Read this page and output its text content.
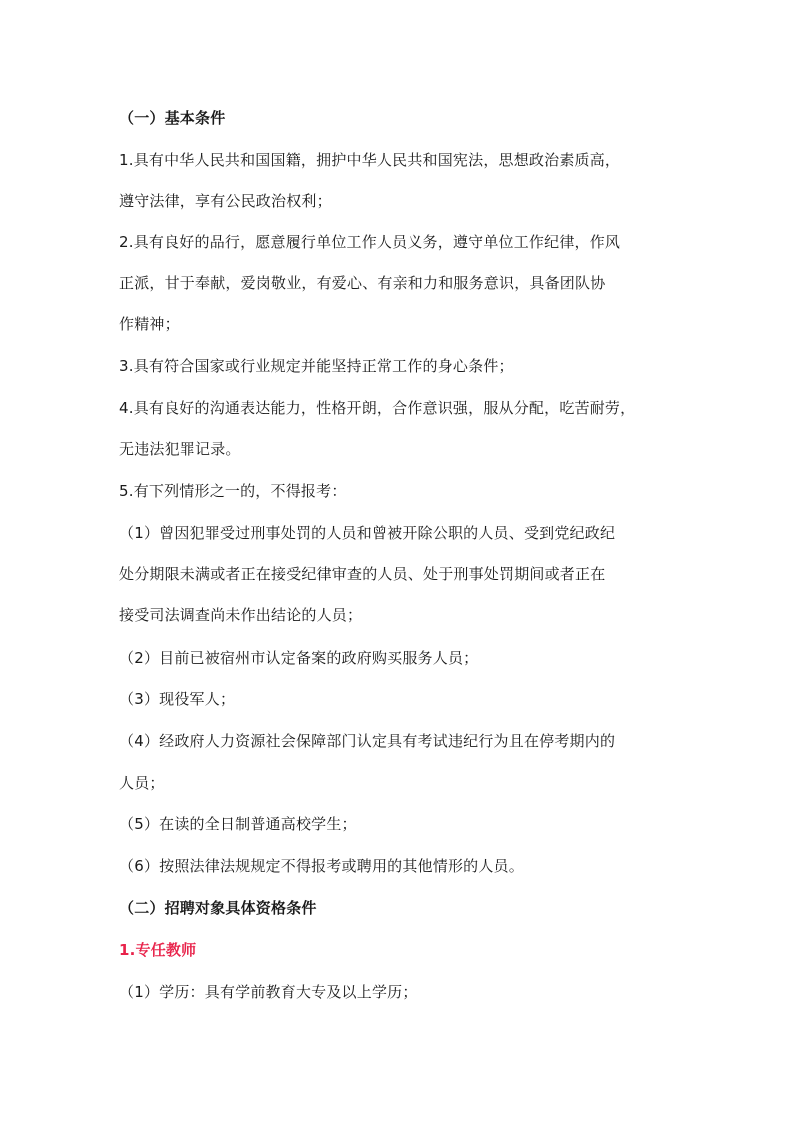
（一）基本条件
1.具有中华人民共和国国籍，拥护中华人民共和国宪法，思想政治素质高，
遵守法律，享有公民政治权利；
2.具有良好的品行，愿意履行单位工作人员义务，遵守单位工作纪律，作风
正派，甘于奉献，爱岗敬业，有爱心、有亲和力和服务意识，具备团队协
作精神；
3.具有符合国家或行业规定并能坚持正常工作的身心条件；
4.具有良好的沟通表达能力，性格开朗，合作意识强，服从分配，吃苦耐劳，
无违法犯罪记录。
5.有下列情形之一的，不得报考：
（1）曾因犯罪受过刑事处罚的人员和曾被开除公职的人员、受到党纪政纪
处分期限未满或者正在接受纪律审查的人员、处于刑事处罚期间或者正在
接受司法调查尚未作出结论的人员；
（2）目前已被宿州市认定备案的政府购买服务人员；
（3）现役军人；
（4）经政府人力资源社会保障部门认定具有考试违纪行为且在停考期内的
人员；
（5）在读的全日制普通高校学生；
（6）按照法律法规规定不得报考或聘用的其他情形的人员。
（二）招聘对象具体资格条件
1.专任教师
（1）学历：具有学前教育大专及以上学历；
